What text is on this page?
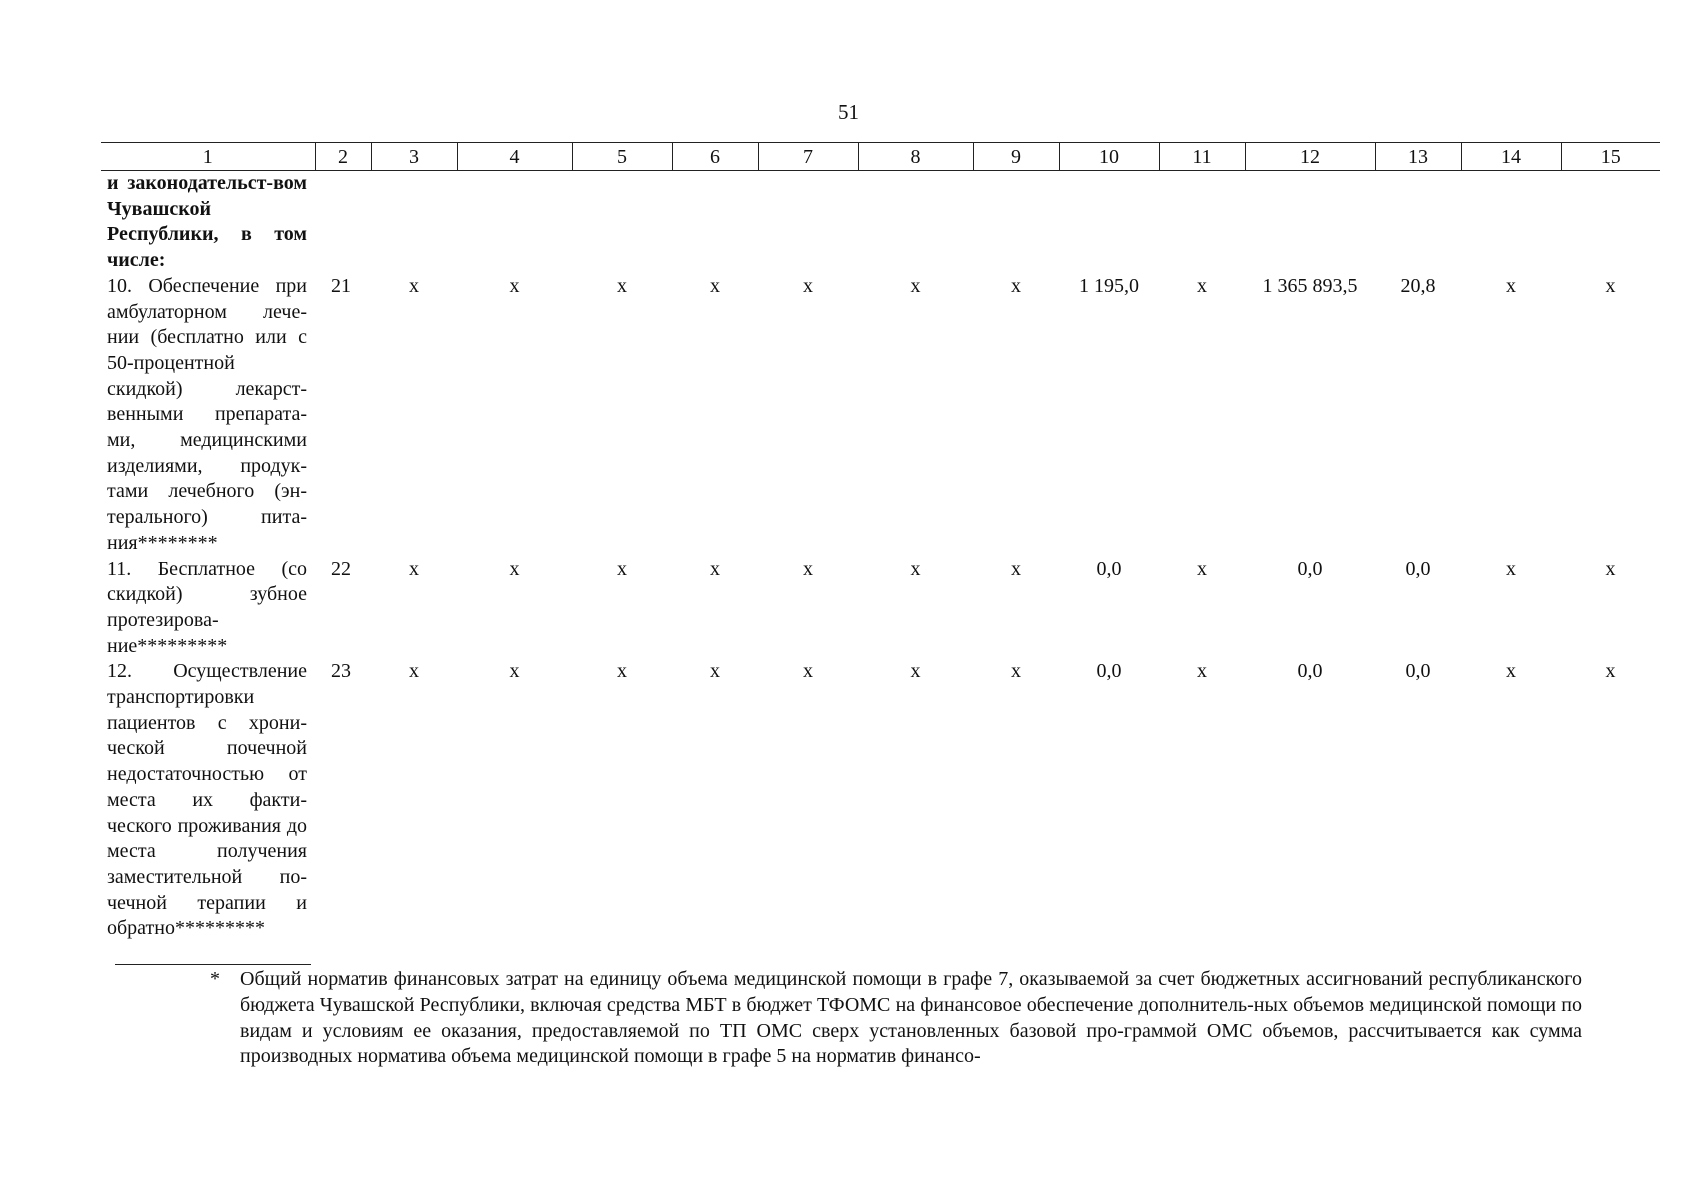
51
1	2	3	4	5	6	7	8	9	10	11	12	13	14	15
и законодательст-вом Чувашской Республики, в том числе:														
10. Обеспечение при амбулаторном лече-нии (бесплатно или с 50-процентной скидкой) лекарст-венными препарата-ми, медицинскими изделиями, продук-тами лечебного (эн-терального) пита-ния********	21	х	х	х	х	х	х	х	1 195,0	х	1 365 893,5	20,8	х	х
11. Бесплатное (со скидкой) зубное протезирова-ние*********	22	х	х	х	х	х	х	х	0,0	х	0,0	0,0	х	х
12. Осуществление транспортировки пациентов с хрони-ческой почечной недостаточностью от места их факти-ческого проживания до места получения заместительной по-чечной терапии и обратно*********	23	х	х	х	х	х	х	х	0,0	х	0,0	0,0	х	х
* Общий норматив финансовых затрат на единицу объема медицинской помощи в графе 7, оказываемой за счет бюджетных ассигнований республиканского бюджета Чувашской Республики, включая средства МБТ в бюджет ТФОМС на финансовое обеспечение дополнитель-ных объемов медицинской помощи по видам и условиям ее оказания, предоставляемой по ТП ОМС сверх установленных базовой про-граммой ОМС объемов, рассчитывается как сумма производных норматива объема медицинской помощи в графе 5 на норматив финансо-
